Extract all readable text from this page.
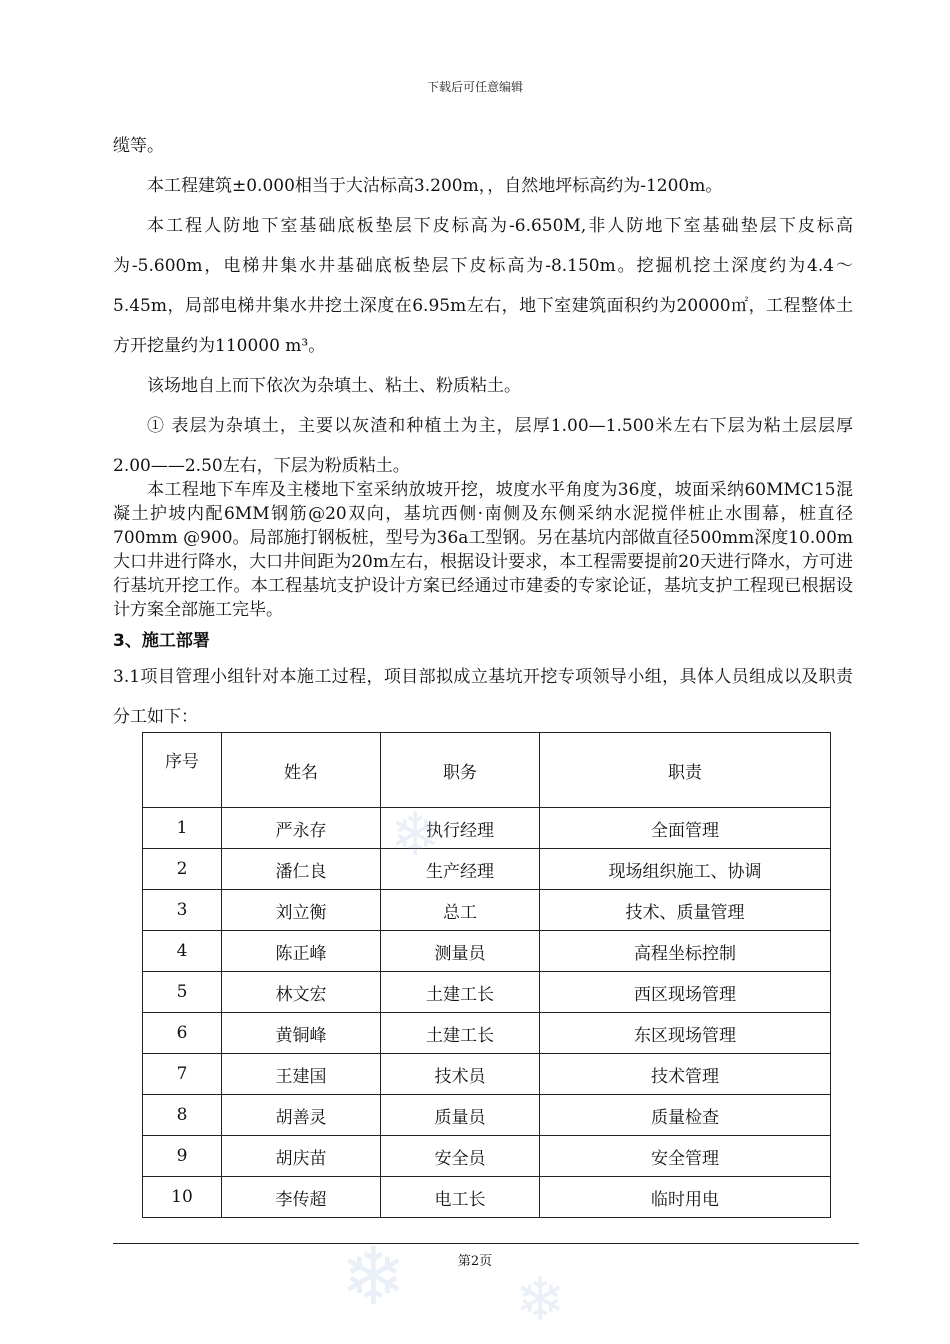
下载后可任意编辑

缆等。

本工程建筑±0.000相当于大沽标高3.200m，，自然地坪标高约为-1200m。

本工程人防地下室基础底板垫层下皮标高为-6.650M,非人防地下室基础垫层下皮标高为-5.600m，电梯井集水井基础底板垫层下皮标高为-8.150m。挖掘机挖土深度约为4.4～5.45m，局部电梯井集水井挖土深度在6.95m左右，地下室建筑面积约为20000㎡，工程整体土方开挖量约为110000 m³。

该场地自上而下依次为杂填土、粘土、粉质粘土。

① 表层为杂填土，主要以灰渣和种植土为主，层厚1.00—1.500米左右下层为粘土层层厚2.00——2.50左右，下层为粉质粘土。

本工程地下车库及主楼地下室采纳放坡开挖，坡度水平角度为36度，坡面采纳60MMC15混凝土护坡内配6MM钢筋@20双向，基坑西侧·南侧及东侧采纳水泥搅伴桩止水围幕，桩直径700mm @900。局部施打钢板桩，型号为36a工型钢。另在基坑内部做直径500mm深度10.00m 大口井进行降水，大口井间距为20m左右，根据设计要求，本工程需要提前20天进行降水，方可进行基坑开挖工作。本工程基坑支护设计方案已经通过市建委的专家论证，基坑支护工程现已根据设计方案全部施工完毕。

3、施工部署

3.1项目管理小组针对本施工过程，项目部拟成立基坑开挖专项领导小组，具体人员组成以及职责分工如下：

序号	姓名	职务	职责
1	严永存	执行经理	全面管理
2	潘仁良	生产经理	现场组织施工、协调
3	刘立衡	总工	技术、质量管理
4	陈正峰	测量员	高程坐标控制
5	林文宏	土建工长	西区现场管理
6	黄铜峰	土建工长	东区现场管理
7	王建国	技术员	技术管理
8	胡善灵	质量员	质量检查
9	胡庆苗	安全员	安全管理
10	李传超	电工长	临时用电
❄
❄ ❄
第2页
